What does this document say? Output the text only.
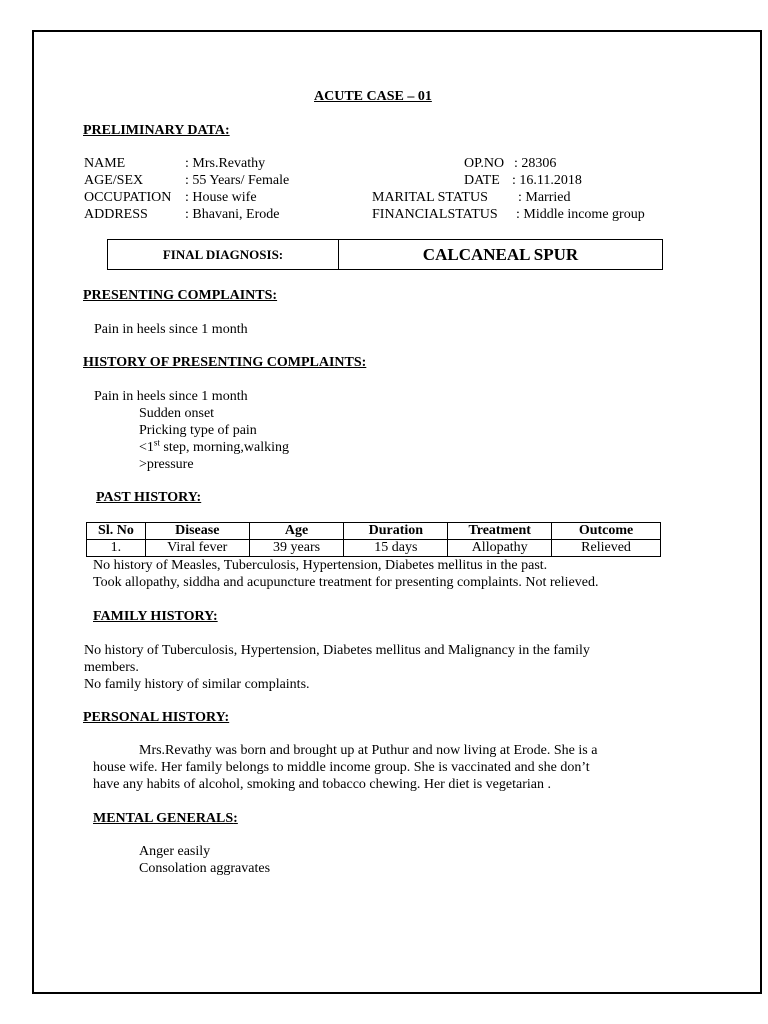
ACUTE CASE – 01
PRELIMINARY DATA:
NAME	: Mrs.Revathy
AGE/SEX	: 55 Years/ Female
OCCUPATION : House wife
ADDRESS	: Bhavani, Erode
OP.NO : 28306
DATE : 16.11.2018
MARITAL STATUS : Married
FINANCIALSTATUS : Middle income group
FINAL DIAGNOSIS:	CALCANEAL SPUR
PRESENTING COMPLAINTS:
Pain in heels since 1 month
HISTORY OF PRESENTING COMPLAINTS:
Pain in heels since 1 month
Sudden onset
Pricking type of pain
<1st step, morning,walking
>pressure
PAST HISTORY:
Sl. No	Disease	Age	Duration	Treatment	Outcome
1.	Viral fever	39 years	15 days	Allopathy	Relieved
No history of Measles, Tuberculosis, Hypertension, Diabetes mellitus in the past.
Took allopathy, siddha and acupuncture treatment for presenting complaints. Not relieved.
FAMILY HISTORY:
No history of Tuberculosis, Hypertension, Diabetes mellitus and Malignancy in the family
members.
No family history of similar complaints.
PERSONAL HISTORY:
Mrs.Revathy was born and brought up at Puthur and now living at Erode. She is a
house wife. Her family belongs to middle income group. She is vaccinated and she don’t
have any habits of alcohol, smoking and tobacco chewing. Her diet is vegetarian .
MENTAL GENERALS:
Anger easily
Consolation aggravates
